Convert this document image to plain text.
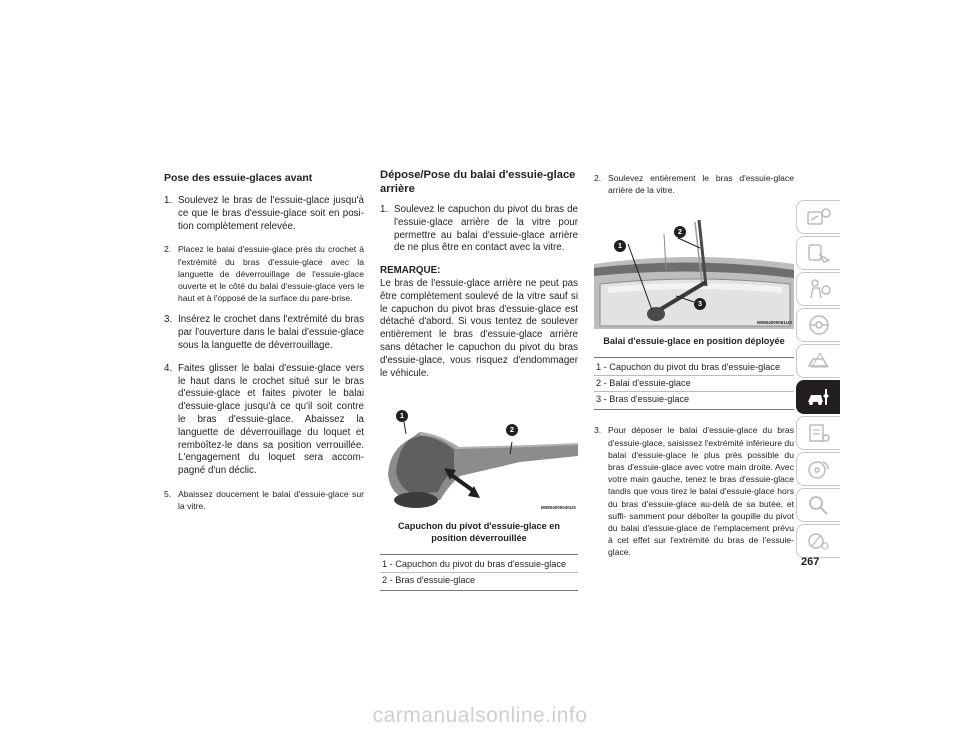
Pose des essuie-glaces avant
1. Soulevez le bras de l'essuie-glace jusqu'à ce que le bras d'essuie-glace soit en posi- tion complètement relevée.
2. Placez le balai d'essuie-glace près du crochet à l'extrémité du bras d'essuie-glace avec la languette de déverrouillage de l'essuie-glace ouverte et le côté du balai d'essuie-glace vers le haut et à l'opposé de la surface du pare-brise.
3. Insérez le crochet dans l'extrémité du bras par l'ouverture dans le balai d'essuie-glace sous la languette de déverrouillage.
4. Faites glisser le balai d'essuie-glace vers le haut dans le crochet situé sur le bras d'essuie-glace et faites pivoter le balai d'essuie-glace jusqu'à ce qu'il soit contre le bras d'essuie-glace. Abaissez la languette de déverrouillage du loquet et remboîtez-le dans sa position verrouillée. L'engagement du loquet sera accom- pagné d'un déclic.
5. Abaissez doucement le balai d'essuie-glace sur la vitre.
Dépose/Pose du balai d'essuie-glace arrière
1. Soulevez le capuchon du pivot du bras de l'essuie-glace arrière de la vitre pour permettre au balai d'essuie-glace arrière de ne plus être en contact avec la vitre.
REMARQUE:

Le bras de l'essuie-glace arrière ne peut pas être complètement soulevé de la vitre sauf si le capuchon du pivot bras d'essuie-glace est détaché d'abord. Si vous tentez de soulever entièrement le bras d'essuie-glace arrière sans détacher le capuchon du pivot du bras d'essuie-glace, vous risquez d'endommager le véhicule.

1
2
M0804000040US
Capuchon du pivot d'essuie-glace en position déverrouillée
1 - Capuchon du pivot du bras d'essuie-glace
2 - Bras d'essuie-glace
2. Soulevez entièrement le bras d'essuie-glace arrière de la vitre.
1
2
3
M0804000061US
Balai d'essuie-glace en position déployée
1 - Capuchon du pivot du bras d'essuie-glace
2 - Balai d'essuie-glace
3 - Bras d'essuie-glace
3. Pour déposer le balai d'essuie-glace du bras d'essuie-glace, saisissez l'extrémité inférieure du balai d'essuie-glace le plus près possible du bras d'essuie-glace avec votre main droite. Avec votre main gauche, tenez le bras d'essuie-glace tandis que vous tirez le balai d'essuie-glace hors du bras d'essuie-glace au-delà de sa butée, et suffi- samment pour déboîter la goupille du pivot du balai d'essuie-glace de l'emplacement prévu à cet effet sur l'extrémité du bras de l'essuie-glace.
267
carmanualsonline.info
